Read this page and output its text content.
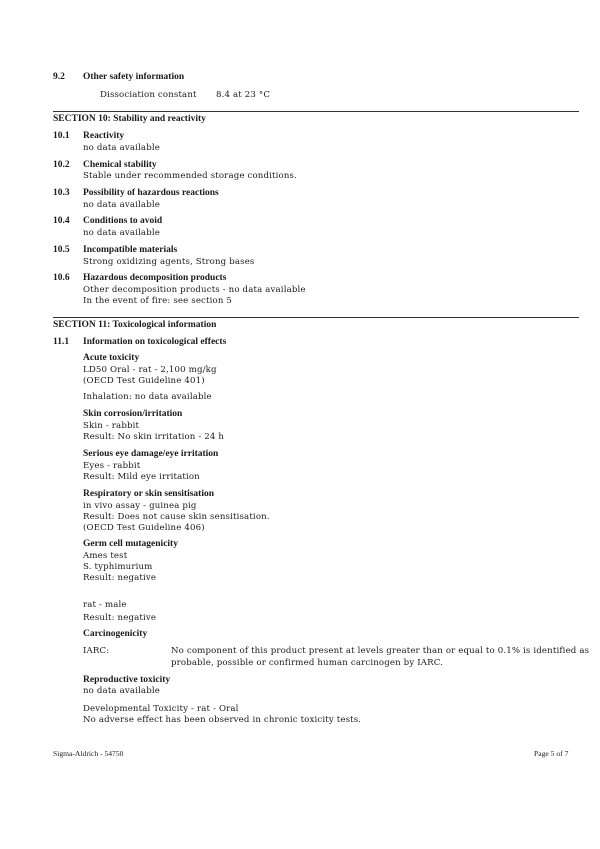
9.2 Other safety information
Dissociation constant 8.4 at 23 °C
SECTION 10: Stability and reactivity
10.1 Reactivity
no data available
10.2 Chemical stability
Stable under recommended storage conditions.
10.3 Possibility of hazardous reactions
no data available
10.4 Conditions to avoid
no data available
10.5 Incompatible materials
Strong oxidizing agents, Strong bases
10.6 Hazardous decomposition products
Other decomposition products - no data available
In the event of fire: see section 5
SECTION 11: Toxicological information
11.1 Information on toxicological effects
Acute toxicity
LD50 Oral - rat - 2,100 mg/kg
(OECD Test Guideline 401)
Inhalation: no data available
Skin corrosion/irritation
Skin - rabbit
Result: No skin irritation - 24 h
Serious eye damage/eye irritation
Eyes - rabbit
Result: Mild eye irritation
Respiratory or skin sensitisation
in vivo assay - guinea pig
Result: Does not cause skin sensitisation.
(OECD Test Guideline 406)
Germ cell mutagenicity
Ames test
S. typhimurium
Result: negative
rat - male
Result: negative
Carcinogenicity
IARC:	No component of this product present at levels greater than or equal to 0.1% is identified as
probable, possible or confirmed human carcinogen by IARC.
Reproductive toxicity
no data available
Developmental Toxicity - rat - Oral
No adverse effect has been observed in chronic toxicity tests.
Sigma-Aldrich - 54750	Page 5 of 7
